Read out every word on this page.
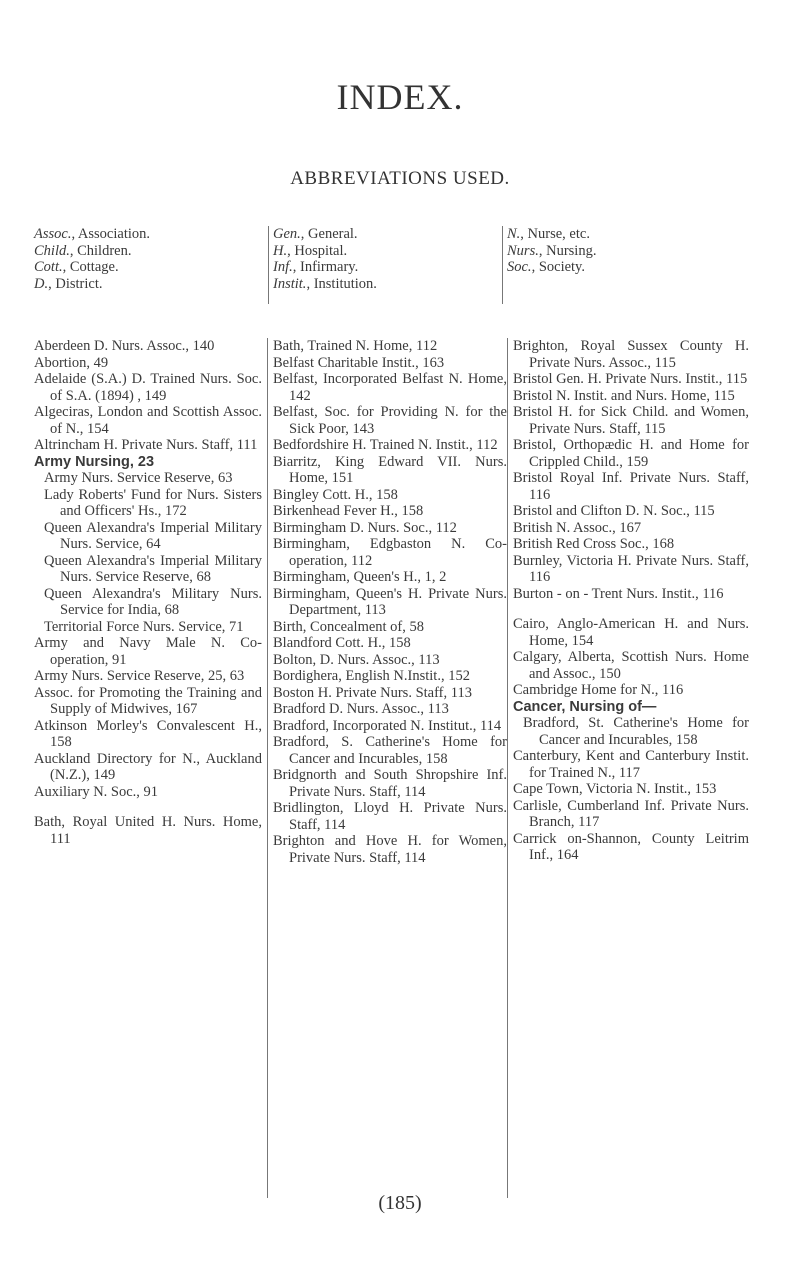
INDEX.
ABBREVIATIONS USED.
Assoc., Association.
Child., Children.
Cott., Cottage.
D., District.
Gen., General.
H., Hospital.
Inf., Infirmary.
Instit., Institution.
N., Nurse, etc.
Nurs., Nursing.
Soc., Society.

Aberdeen D. Nurs. Assoc., 140

Abortion, 49

Adelaide (S.A.) D. Trained Nurs. Soc. of S.A. (1894) , 149

Algeciras, London and Scottish Assoc. of N., 154

Altrincham H. Private Nurs. Staff, 111

Army Nursing, 23

Army Nurs. Service Reserve, 63

Lady Roberts' Fund for Nurs. Sisters and Officers' Hs., 172

Queen Alexandra's Imperial Military Nurs. Service, 64

Queen Alexandra's Imperial Military Nurs. Service Reserve, 68

Queen Alexandra's Military Nurs. Service for India, 68

Territorial Force Nurs. Service, 71

Army and Navy Male N. Co-operation, 91

Army Nurs. Service Reserve, 25, 63

Assoc. for Promoting the Training and Supply of Midwives, 167

Atkinson Morley's Convalescent H., 158

Auckland Directory for N., Auckland (N.Z.), 149

Auxiliary N. Soc., 91

Bath, Royal United H. Nurs. Home, 111

Bath, Trained N. Home, 112

Belfast Charitable Instit., 163

Belfast, Incorporated Belfast N. Home, 142

Belfast, Soc. for Providing N. for the Sick Poor, 143

Bedfordshire H. Trained N. Instit., 112

Biarritz, King Edward VII. Nurs. Home, 151

Bingley Cott. H., 158

Birkenhead Fever H., 158

Birmingham D. Nurs. Soc., 112

Birmingham, Edgbaston N. Co-operation, 112

Birmingham, Queen's H., 1, 2

Birmingham, Queen's H. Private Nurs. Department, 113

Birth, Concealment of, 58

Blandford Cott. H., 158

Bolton, D. Nurs. Assoc., 113

Bordighera, English N.Instit., 152

Boston H. Private Nurs. Staff, 113

Bradford D. Nurs. Assoc., 113

Bradford, Incorporated N. Institut., 114

Bradford, S. Catherine's Home for Cancer and Incurables, 158

Bridgnorth and South Shropshire Inf. Private Nurs. Staff, 114

Bridlington, Lloyd H. Private Nurs. Staff, 114

Brighton and Hove H. for Women, Private Nurs. Staff, 114

Brighton, Royal Sussex County H. Private Nurs. Assoc., 115

Bristol Gen. H. Private Nurs. Instit., 115

Bristol N. Instit. and Nurs. Home, 115

Bristol H. for Sick Child. and Women, Private Nurs. Staff, 115

Bristol, Orthopædic H. and Home for Crippled Child., 159

Bristol Royal Inf. Private Nurs. Staff, 116

Bristol and Clifton D. N. Soc., 115

British N. Assoc., 167

British Red Cross Soc., 168

Burnley, Victoria H. Private Nurs. Staff, 116

Burton - on - Trent Nurs. Instit., 116

Cairo, Anglo-American H. and Nurs. Home, 154

Calgary, Alberta, Scottish Nurs. Home and Assoc., 150

Cambridge Home for N., 116

Cancer, Nursing of—

Bradford, St. Catherine's Home for Cancer and Incurables, 158

Canterbury, Kent and Canterbury Instit. for Trained N., 117

Cape Town, Victoria N. Instit., 153

Carlisle, Cumberland Inf. Private Nurs. Branch, 117

Carrick on-Shannon, County Leitrim Inf., 164

(185)
